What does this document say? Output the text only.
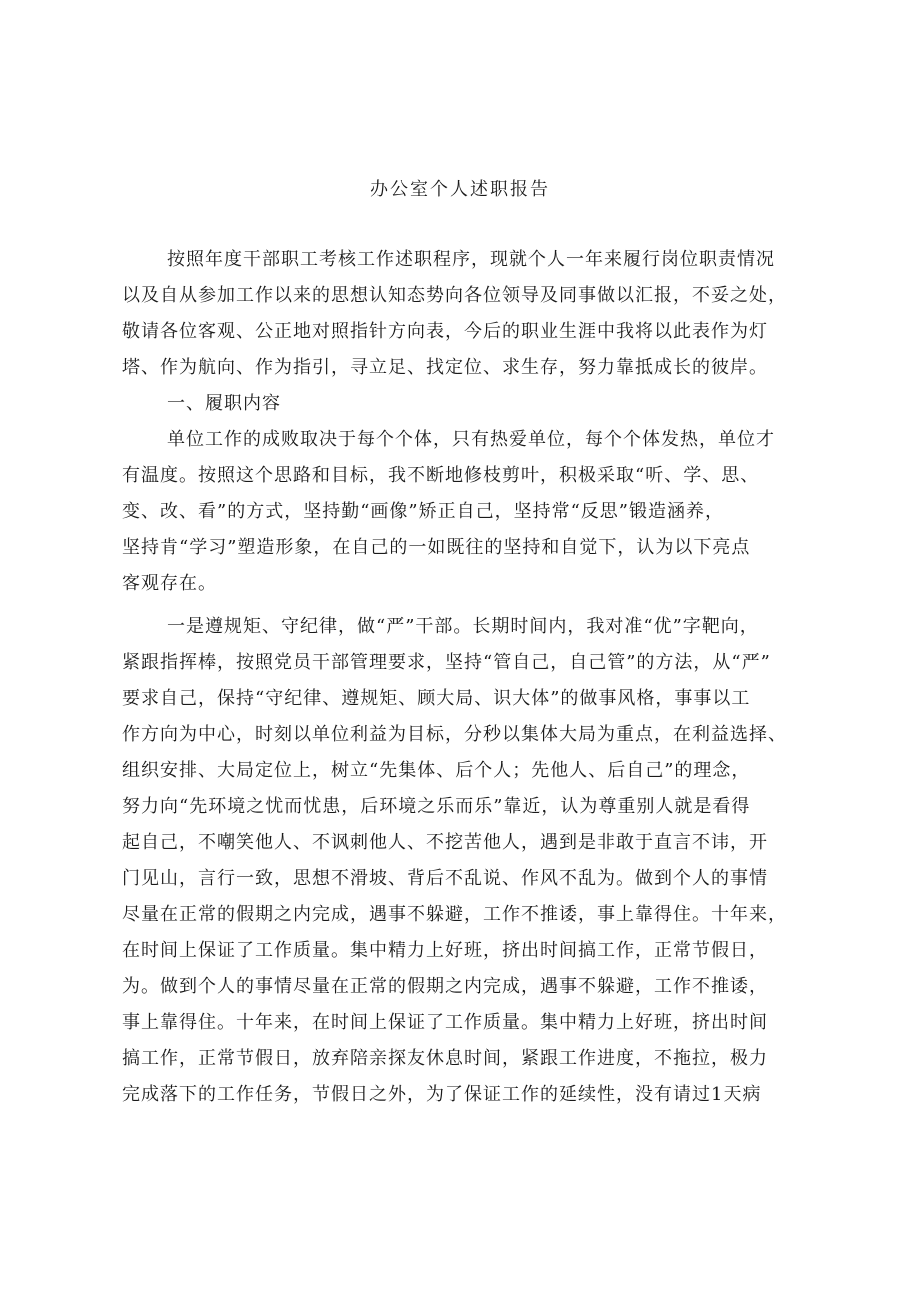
办公室个人述职报告
按照年度干部职工考核工作述职程序，现就个人一年来履行岗位职责情况
以及自从参加工作以来的思想认知态势向各位领导及同事做以汇报，不妥之处，
敬请各位客观、公正地对照指针方向表，今后的职业生涯中我将以此表作为灯
塔、作为航向、作为指引，寻立足、找定位、求生存，努力靠抵成长的彼岸。
一、履职内容
单位工作的成败取决于每个个体，只有热爱单位，每个个体发热，单位才
有温度。按照这个思路和目标，我不断地修枝剪叶，积极采取“听、学、思、
变、改、看”的方式，坚持勤“画像”矫正自己，坚持常“反思”锻造涵养，
坚持肯“学习”塑造形象，在自己的一如既往的坚持和自觉下，认为以下亮点
客观存在。
一是遵规矩、守纪律，做“严”干部。长期时间内，我对准“优”字靶向，
紧跟指挥棒，按照党员干部管理要求，坚持“管自己，自己管”的方法，从“严”
要求自己，保持“守纪律、遵规矩、顾大局、识大体”的做事风格，事事以工
作方向为中心，时刻以单位利益为目标，分秒以集体大局为重点，在利益选择、
组织安排、大局定位上，树立“先集体、后个人；先他人、后自己”的理念，
努力向“先环境之忧而忧患，后环境之乐而乐”靠近，认为尊重别人就是看得
起自己，不嘲笑他人、不讽刺他人、不挖苦他人，遇到是非敢于直言不讳，开
门见山，言行一致，思想不滑坡、背后不乱说、作风不乱为。做到个人的事情
尽量在正常的假期之内完成，遇事不躲避，工作不推诿，事上靠得住。十年来，
在时间上保证了工作质量。集中精力上好班，挤出时间搞工作，正常节假日，
为。做到个人的事情尽量在正常的假期之内完成，遇事不躲避，工作不推诿，
事上靠得住。十年来，在时间上保证了工作质量。集中精力上好班，挤出时间
搞工作，正常节假日，放弃陪亲探友休息时间，紧跟工作进度，不拖拉，极力
完成落下的工作任务，节假日之外，为了保证工作的延续性，没有请过1天病
